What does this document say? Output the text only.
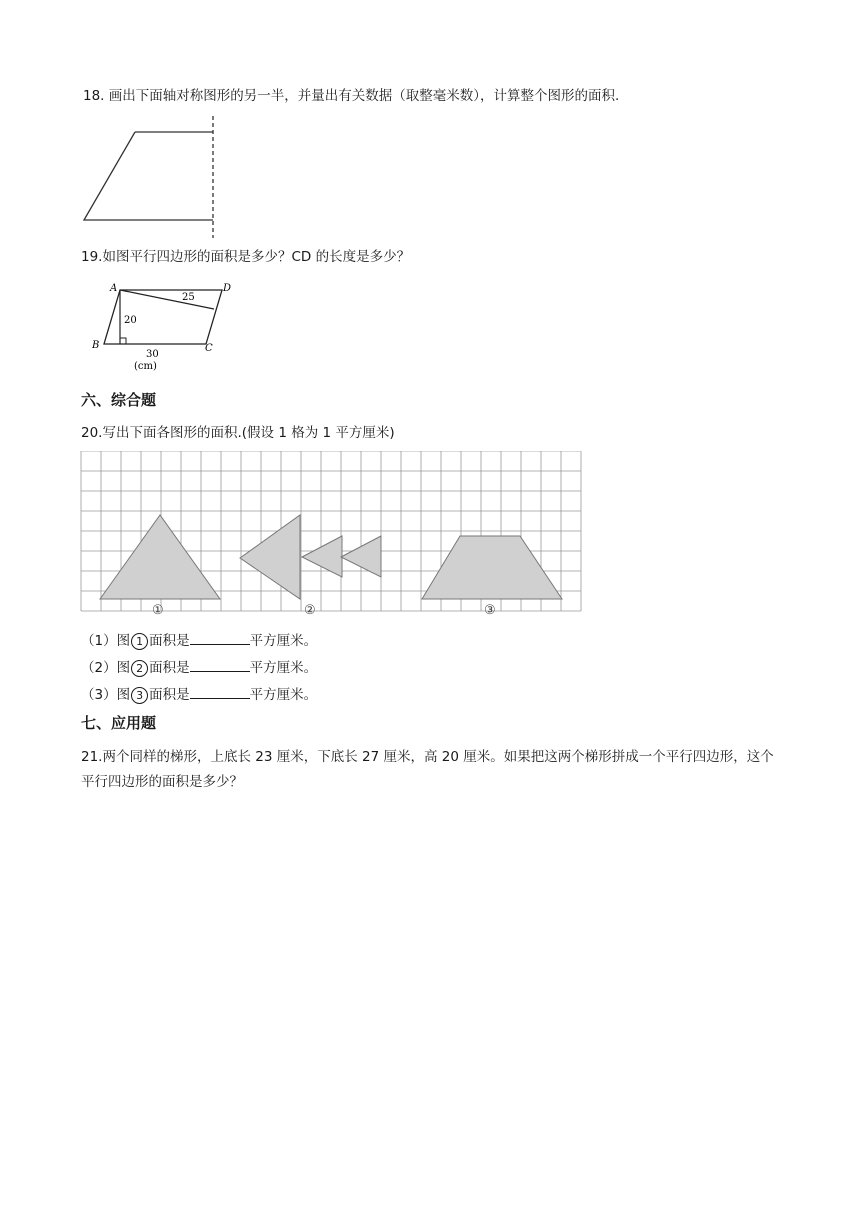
18. 画出下面轴对称图形的另一半，并量出有关数据（取整毫米数），计算整个图形的面积.
19.如图平行四边形的面积是多少？CD 的长度是多少？
A	D
B	C
20
25
30
(cm)
六、综合题
20.写出下面各图形的面积.(假设 1 格为 1 平方厘米)
①	②	③
（1）图 1 面积是	平方厘米。
（2）图 2 面积是	平方厘米。
（3）图 3 面积是	平方厘米。
七、应用题
21.两个同样的梯形，上底长 23 厘米，下底长 27 厘米，高 20 厘米。如果把这两个梯形拼成一个平行四边形，这个平行四边形的面积是多少？
